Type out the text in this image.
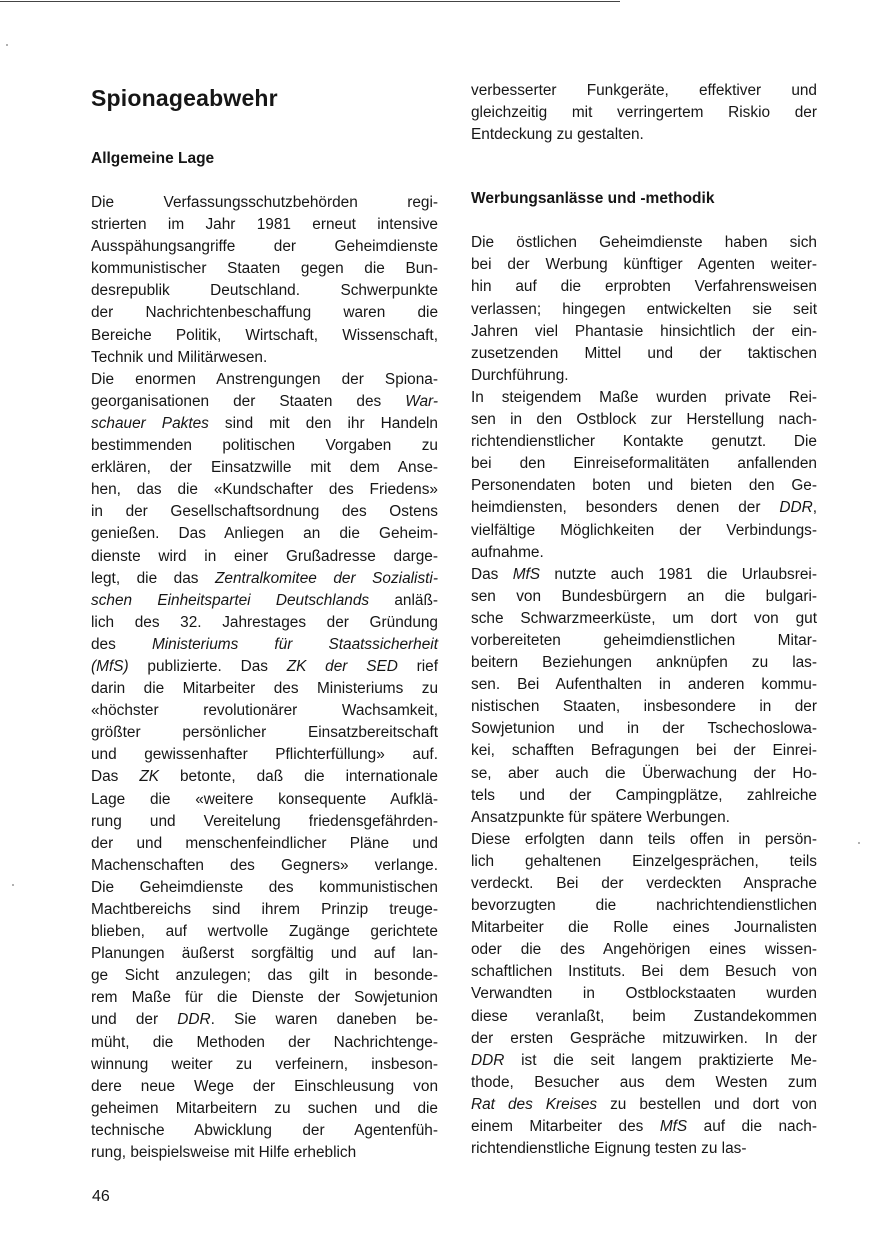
Spionageabwehr
Allgemeine Lage
Die Verfassungsschutzbehörden regi-
strierten im Jahr 1981 erneut intensive
Ausspähungsangriffe der Geheimdienste
kommunistischer Staaten gegen die Bun-
desrepublik Deutschland. Schwerpunkte
der Nachrichtenbeschaffung waren die
Bereiche Politik, Wirtschaft, Wissenschaft,
Technik und Militärwesen.
Die enormen Anstrengungen der Spiona-
georganisationen der Staaten des War-
schauer Paktes sind mit den ihr Handeln
bestimmenden politischen Vorgaben zu
erklären, der Einsatzwille mit dem Anse-
hen, das die «Kundschafter des Friedens»
in der Gesellschaftsordnung des Ostens
genießen. Das Anliegen an die Geheim-
dienste wird in einer Grußadresse darge-
legt, die das Zentralkomitee der Sozialisti-
schen Einheitspartei Deutschlands anläß-
lich des 32. Jahrestages der Gründung
des Ministeriums für Staatssicherheit
(MfS) publizierte. Das ZK der SED rief
darin die Mitarbeiter des Ministeriums zu
«höchster revolutionärer Wachsamkeit,
größter persönlicher Einsatzbereitschaft
und gewissenhafter Pflichterfüllung» auf.
Das ZK betonte, daß die internationale
Lage die «weitere konsequente Aufklä-
rung und Vereitelung friedensgefährden-
der und menschenfeindlicher Pläne und
Machenschaften des Gegners» verlange.
Die Geheimdienste des kommunistischen
Machtbereichs sind ihrem Prinzip treuge-
blieben, auf wertvolle Zugänge gerichtete
Planungen äußerst sorgfältig und auf lan-
ge Sicht anzulegen; das gilt in besonde-
rem Maße für die Dienste der Sowjetunion
und der DDR. Sie waren daneben be-
müht, die Methoden der Nachrichtenge-
winnung weiter zu verfeinern, insbeson-
dere neue Wege der Einschleusung von
geheimen Mitarbeitern zu suchen und die
technische Abwicklung der Agentenfüh-
rung, beispielsweise mit Hilfe erheblich
verbesserter Funkgeräte, effektiver und
gleichzeitig mit verringertem Riskio der
Entdeckung zu gestalten.
Werbungsanlässe und -methodik
Die östlichen Geheimdienste haben sich
bei der Werbung künftiger Agenten weiter-
hin auf die erprobten Verfahrensweisen
verlassen; hingegen entwickelten sie seit
Jahren viel Phantasie hinsichtlich der ein-
zusetzenden Mittel und der taktischen
Durchführung.
In steigendem Maße wurden private Rei-
sen in den Ostblock zur Herstellung nach-
richtendienstlicher Kontakte genutzt. Die
bei den Einreiseformalitäten anfallenden
Personendaten boten und bieten den Ge-
heimdiensten, besonders denen der DDR,
vielfältige Möglichkeiten der Verbindungs-
aufnahme.
Das MfS nutzte auch 1981 die Urlaubsrei-
sen von Bundesbürgern an die bulgari-
sche Schwarzmeerküste, um dort von gut
vorbereiteten geheimdienstlichen Mitar-
beitern Beziehungen anknüpfen zu las-
sen. Bei Aufenthalten in anderen kommu-
nistischen Staaten, insbesondere in der
Sowjetunion und in der Tschechoslowa-
kei, schafften Befragungen bei der Einrei-
se, aber auch die Überwachung der Ho-
tels und der Campingplätze, zahlreiche
Ansatzpunkte für spätere Werbungen.
Diese erfolgten dann teils offen in persön-
lich gehaltenen Einzelgesprächen, teils
verdeckt. Bei der verdeckten Ansprache
bevorzugten die nachrichtendienstlichen
Mitarbeiter die Rolle eines Journalisten
oder die des Angehörigen eines wissen-
schaftlichen Instituts. Bei dem Besuch von
Verwandten in Ostblockstaaten wurden
diese veranlaßt, beim Zustandekommen
der ersten Gespräche mitzuwirken. In der
DDR ist die seit langem praktizierte Me-
thode, Besucher aus dem Westen zum
Rat des Kreises zu bestellen und dort von
einem Mitarbeiter des MfS auf die nach-
richtendienstliche Eignung testen zu las-
46
